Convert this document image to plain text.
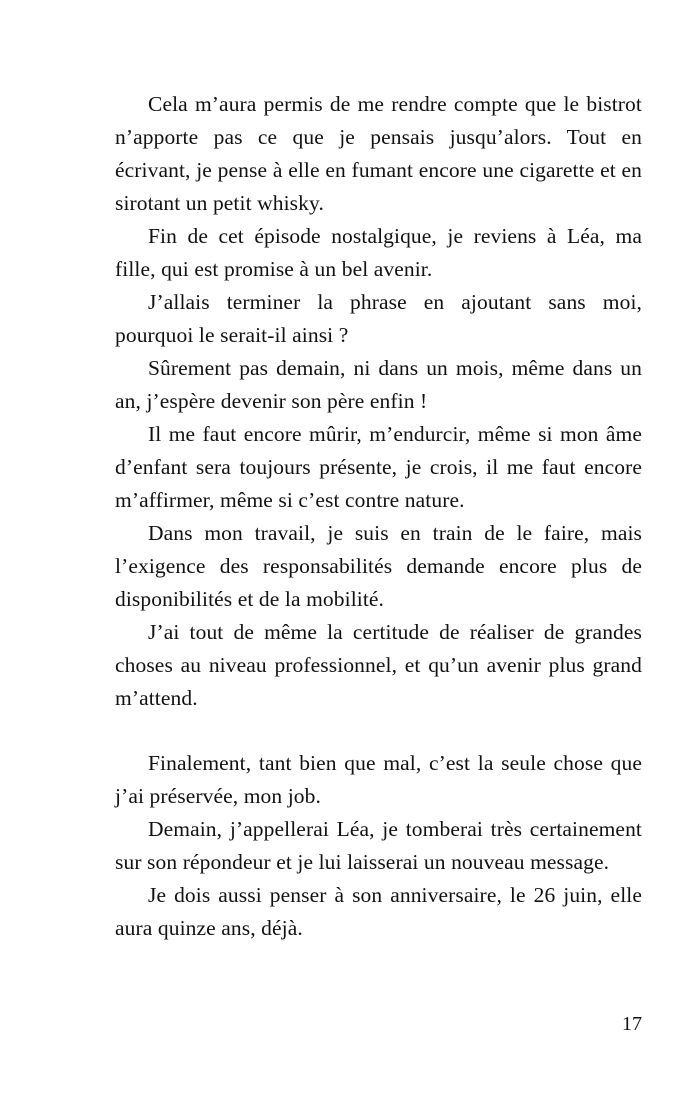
Cela m’aura permis de me rendre compte que le bistrot n’apporte pas ce que je pensais jusqu’alors. Tout en écrivant, je pense à elle en fumant encore une cigarette et en sirotant un petit whisky.

Fin de cet épisode nostalgique, je reviens à Léa, ma fille, qui est promise à un bel avenir.

J’allais terminer la phrase en ajoutant sans moi, pourquoi le serait-il ainsi ?

Sûrement pas demain, ni dans un mois, même dans un an, j’espère devenir son père enfin !

Il me faut encore mûrir, m’endurcir, même si mon âme d’enfant sera toujours présente, je crois, il me faut encore m’affirmer, même si c’est contre nature.

Dans mon travail, je suis en train de le faire, mais l’exigence des responsabilités demande encore plus de disponibilités et de la mobilité.

J’ai tout de même la certitude de réaliser de grandes choses au niveau professionnel, et qu’un avenir plus grand m’attend.

Finalement, tant bien que mal, c’est la seule chose que j’ai préservée, mon job.

Demain, j’appellerai Léa, je tomberai très certainement sur son répondeur et je lui laisserai un nouveau message.

Je dois aussi penser à son anniversaire, le 26 juin, elle aura quinze ans, déjà.

17
